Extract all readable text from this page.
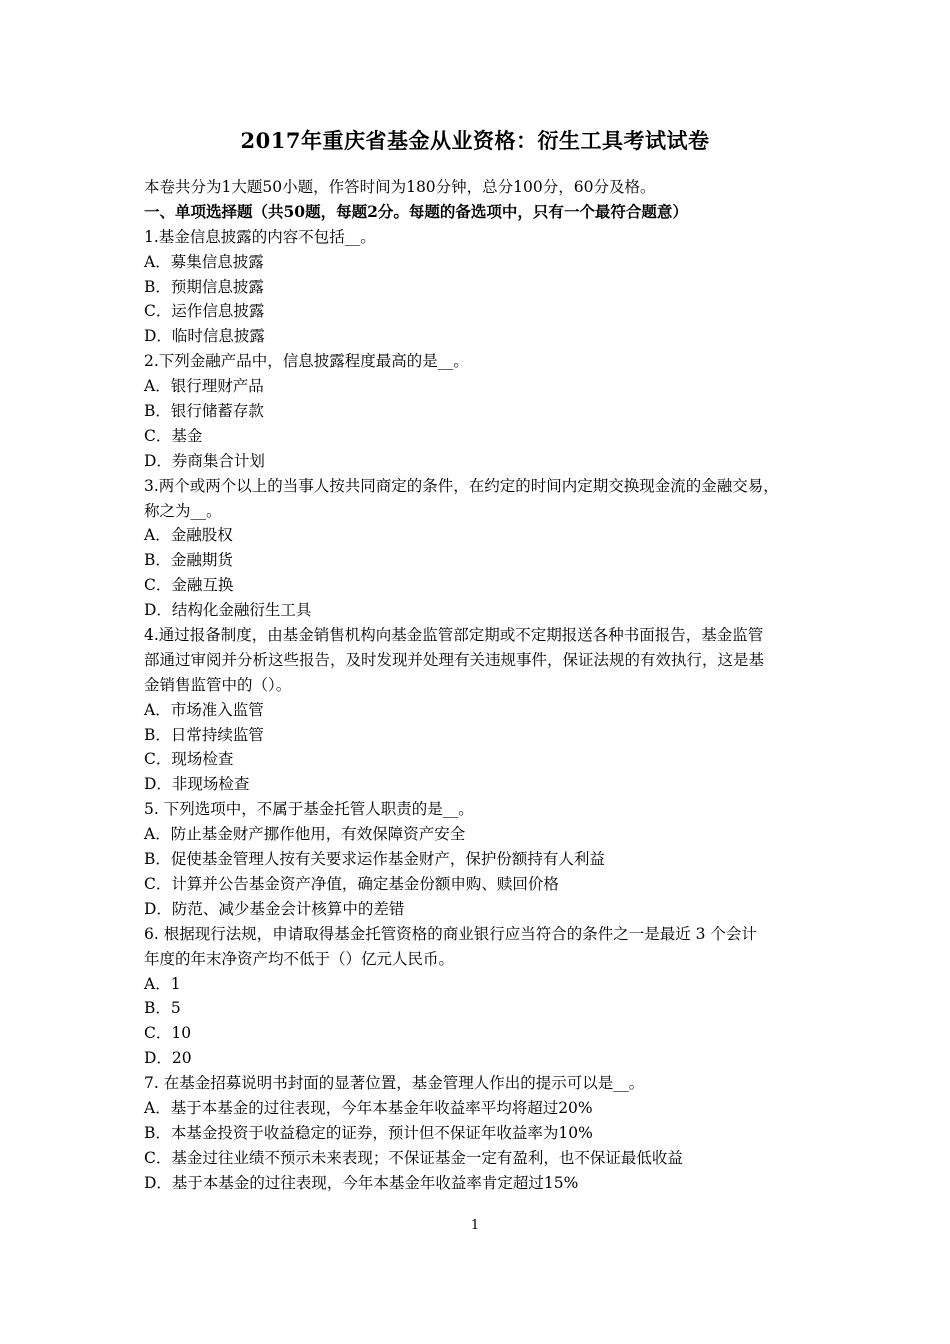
2017年重庆省基金从业资格：衍生工具考试试卷
本卷共分为1大题50小题，作答时间为180分钟，总分100分，60分及格。
一、单项选择题（共50题，每题2分。每题的备选项中，只有一个最符合题意）
1.基金信息披露的内容不包括__。
A．募集信息披露
B．预期信息披露
C．运作信息披露
D．临时信息披露
2.下列金融产品中，信息披露程度最高的是__。
A．银行理财产品
B．银行储蓄存款
C．基金
D．券商集合计划
3.两个或两个以上的当事人按共同商定的条件，在约定的时间内定期交换现金流的金融交易，
称之为__。
A．金融股权
B．金融期货
C．金融互换
D．结构化金融衍生工具
4.通过报备制度，由基金销售机构向基金监管部定期或不定期报送各种书面报告，基金监管
部通过审阅并分析这些报告，及时发现并处理有关违规事件，保证法规的有效执行，这是基
金销售监管中的（）。
A．市场准入监管
B．日常持续监管
C．现场检查
D．非现场检查
5. 下列选项中，不属于基金托管人职责的是__。
A．防止基金财产挪作他用，有效保障资产安全
B．促使基金管理人按有关要求运作基金财产，保护份额持有人利益
C．计算并公告基金资产净值，确定基金份额申购、赎回价格
D．防范、减少基金会计核算中的差错
6. 根据现行法规，申请取得基金托管资格的商业银行应当符合的条件之一是最近 3 个会计
年度的年末净资产均不低于（）亿元人民币。
A．1
B．5
C．10
D．20
7. 在基金招募说明书封面的显著位置，基金管理人作出的提示可以是__。
A．基于本基金的过往表现，今年本基金年收益率平均将超过20%
B．本基金投资于收益稳定的证券，预计但不保证年收益率为10%
C．基金过往业绩不预示未来表现；不保证基金一定有盈利，也不保证最低收益
D．基于本基金的过往表现，今年本基金年收益率肯定超过15%
1
